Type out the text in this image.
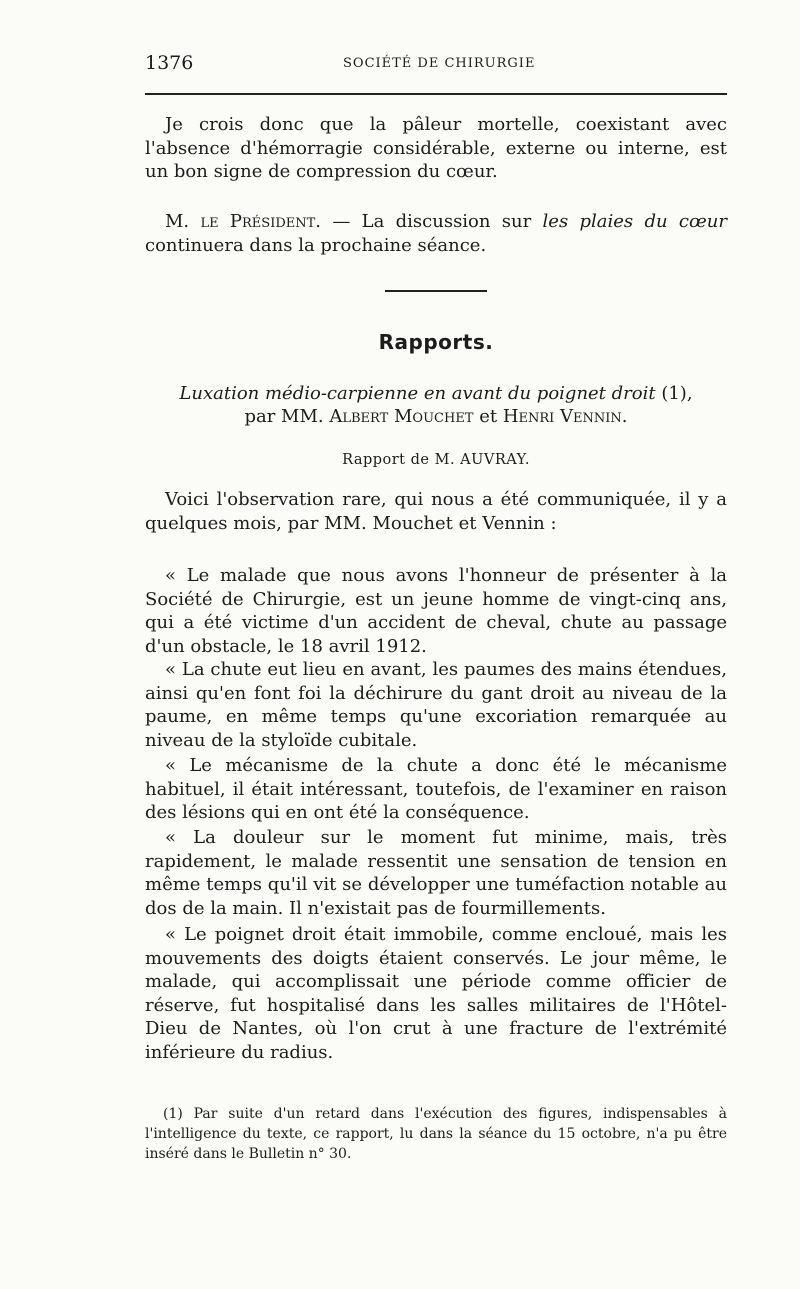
1376	SOCIÉTÉ DE CHIRURGIE

Je crois donc que la pâleur mortelle, coexistant avec l'absence d'hémorragie considérable, externe ou interne, est un bon signe de compression du cœur.

M. le Président. — La discussion sur les plaies du cœur continuera dans la prochaine séance.

Rapports.
Luxation médio-carpienne en avant du poignet droit (1),
par MM. Albert Mouchet et Henri Vennin.
Rapport de M. AUVRAY.

Voici l'observation rare, qui nous a été communiquée, il y a quelques mois, par MM. Mouchet et Vennin :

« Le malade que nous avons l'honneur de présenter à la Société de Chirurgie, est un jeune homme de vingt-cinq ans, qui a été victime d'un accident de cheval, chute au passage d'un obstacle, le 18 avril 1912.

« La chute eut lieu en avant, les paumes des mains étendues, ainsi qu'en font foi la déchirure du gant droit au niveau de la paume, en même temps qu'une excoriation remarquée au niveau de la styloïde cubitale.

« Le mécanisme de la chute a donc été le mécanisme habituel, il était intéressant, toutefois, de l'examiner en raison des lésions qui en ont été la conséquence.

« La douleur sur le moment fut minime, mais, très rapidement, le malade ressentit une sensation de tension en même temps qu'il vit se développer une tuméfaction notable au dos de la main. Il n'existait pas de fourmillements.

« Le poignet droit était immobile, comme encloué, mais les mouvements des doigts étaient conservés. Le jour même, le malade, qui accomplissait une période comme officier de réserve, fut hospitalisé dans les salles militaires de l'Hôtel-Dieu de Nantes, où l'on crut à une fracture de l'extrémité inférieure du radius.

(1) Par suite d'un retard dans l'exécution des figures, indispensables à l'intelligence du texte, ce rapport, lu dans la séance du 15 octobre, n'a pu être inséré dans le Bulletin n° 30.
